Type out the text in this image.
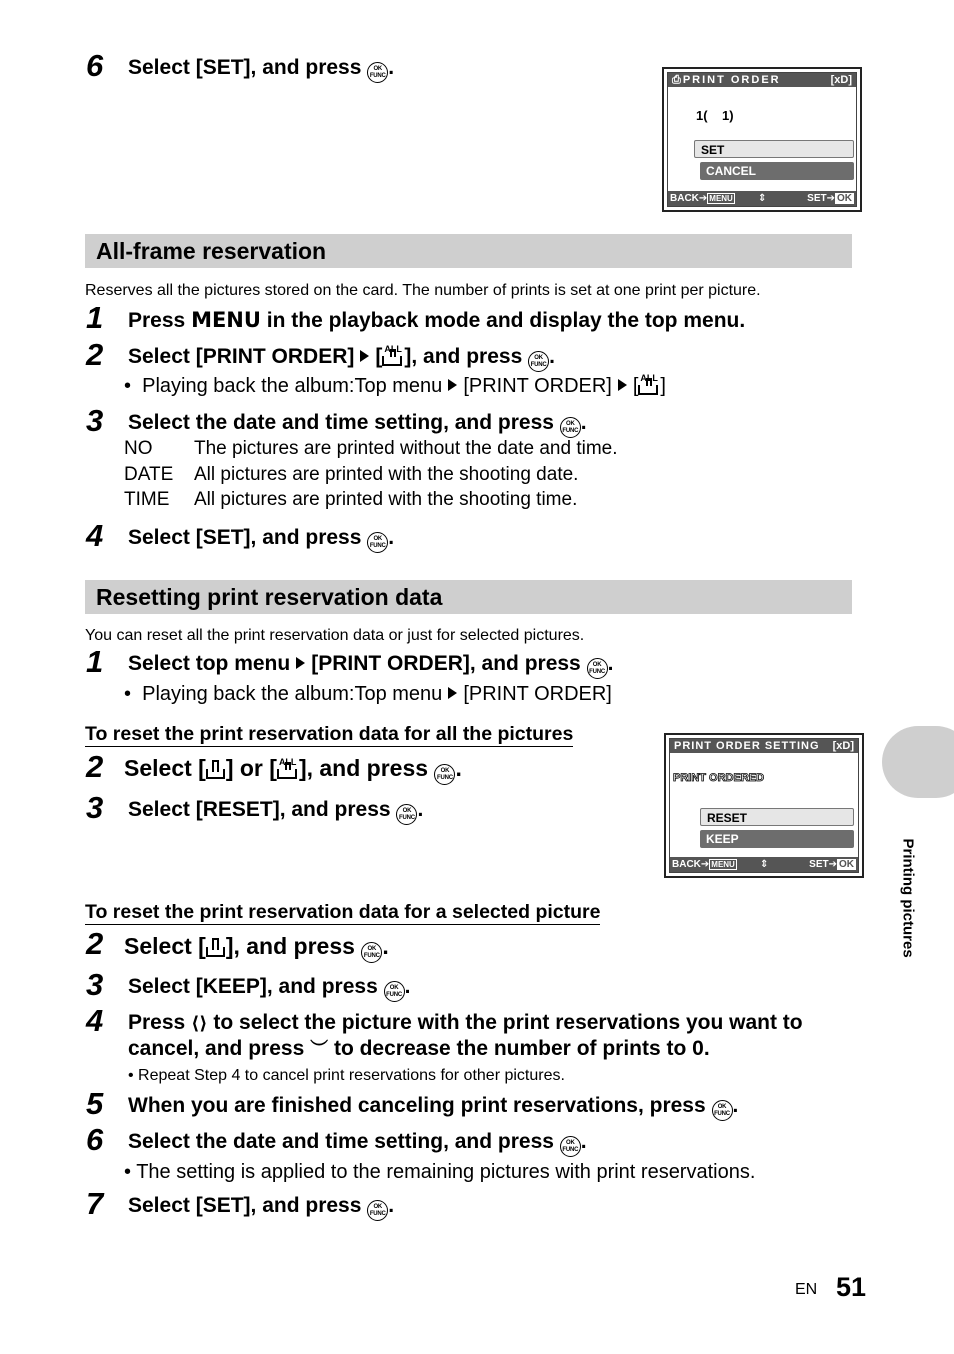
6 Select [SET], and press OK
FUNC .
⎙PRINT ORDER	[xD]
1(    1)
SET
CANCEL
BACK➔ MENU	⇕	SET➔ OK
All-frame reservation
Reserves all the pictures stored on the card. The number of prints is set at one print per picture.
1 Press MENU in the playback mode and display the top menu.
2 Select [PRINT ORDER] [ ALL ], and press OK
FUNC .
•  Playing back the album:Top menu [PRINT ORDER] [ ALL ]
3 Select the date and time setting, and press OK
FUNC .
NO The pictures are printed without the date and time.
DATE All pictures are printed with the shooting date.
TIME All pictures are printed with the shooting time.
4 Select [SET], and press OK
FUNC .
Resetting print reservation data
You can reset all the print reservation data or just for selected pictures.
1 Select top menu [PRINT ORDER], and press OK
FUNC .
•  Playing back the album:Top menu [PRINT ORDER]
To reset the print reservation data for all the pictures
2 Select [ ] or [ ALL ], and press OK
FUNC .
3 Select [RESET], and press OK
FUNC .
PRINT ORDER SETTING [xD]
PRINT ORDERED
RESET
KEEP
BACK➔ MENU	⇕	SET➔ OK
To reset the print reservation data for a selected picture
2 Select [ ], and press OK
FUNC .
3 Select [KEEP], and press OK
FUNC .
4 Press ⟨⟩ to select the picture with the print reservations you want to
cancel, and press ︶ to decrease the number of prints to 0.
• Repeat Step 4 to cancel print reservations for other pictures.
5 When you are finished canceling print reservations, press OK
FUNC .
6 Select the date and time setting, and press OK
FUNC .
• The setting is applied to the remaining pictures with print reservations.
7 Select [SET], and press OK
FUNC .
Printing pictures
EN 51
